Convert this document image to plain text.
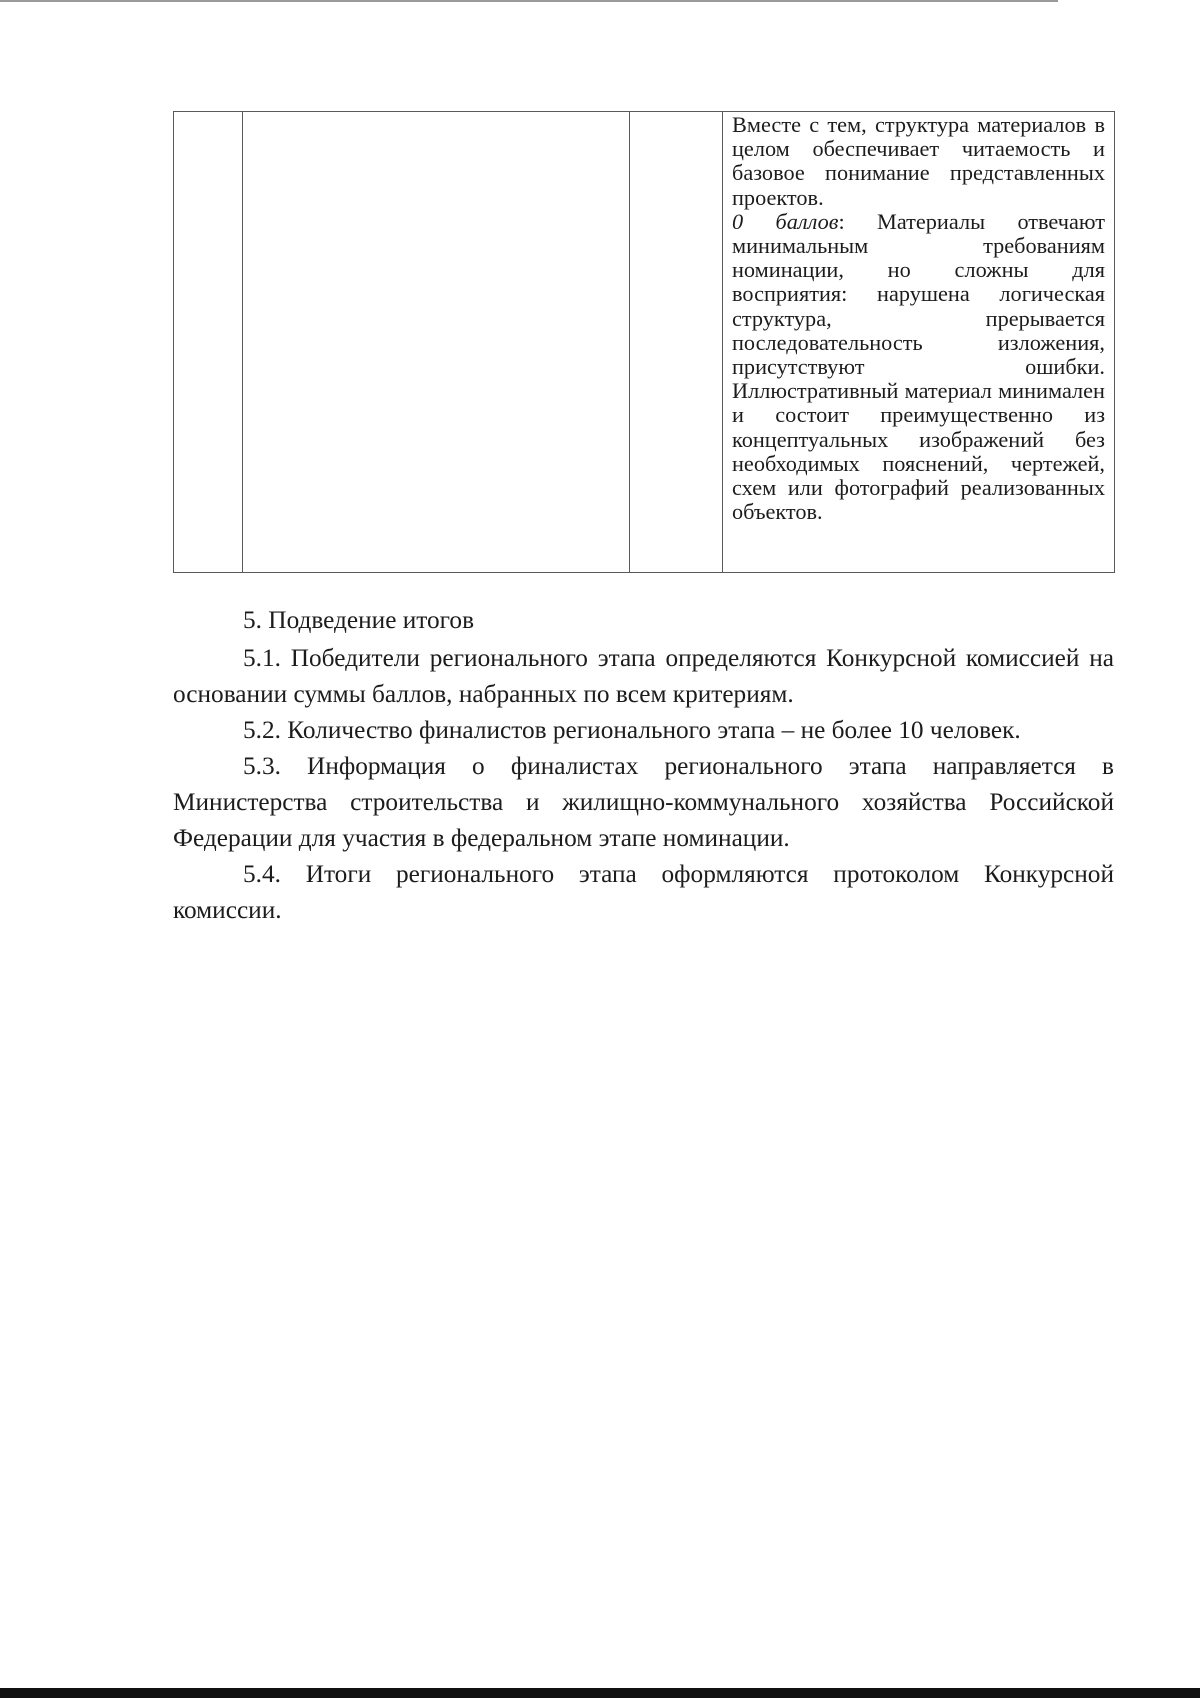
Вместе с тем, структура материалов в целом обеспечивает читаемость и базовое понимание представленных проектов.
0 баллов: Материалы отвечают минимальным требованиям номинации, но сложны для восприятия: нарушена логическая структура, прерывается последовательность изложения, присутствуют ошибки. Иллюстративный материал минимален и состоит преимущественно из концептуальных изображений без необходимых пояснений, чертежей, схем или фотографий реализованных объектов.

5. Подведение итогов

5.1. Победители регионального этапа определяются Конкурсной комиссией на основании суммы баллов, набранных по всем критериям.

5.2. Количество финалистов регионального этапа – не более 10 человек.

5.3. Информация о финалистах регионального этапа направляется в Министерства строительства и жилищно-коммунального хозяйства Российской Федерации для участия в федеральном этапе номинации.

5.4. Итоги регионального этапа оформляются протоколом Конкурсной комиссии.
